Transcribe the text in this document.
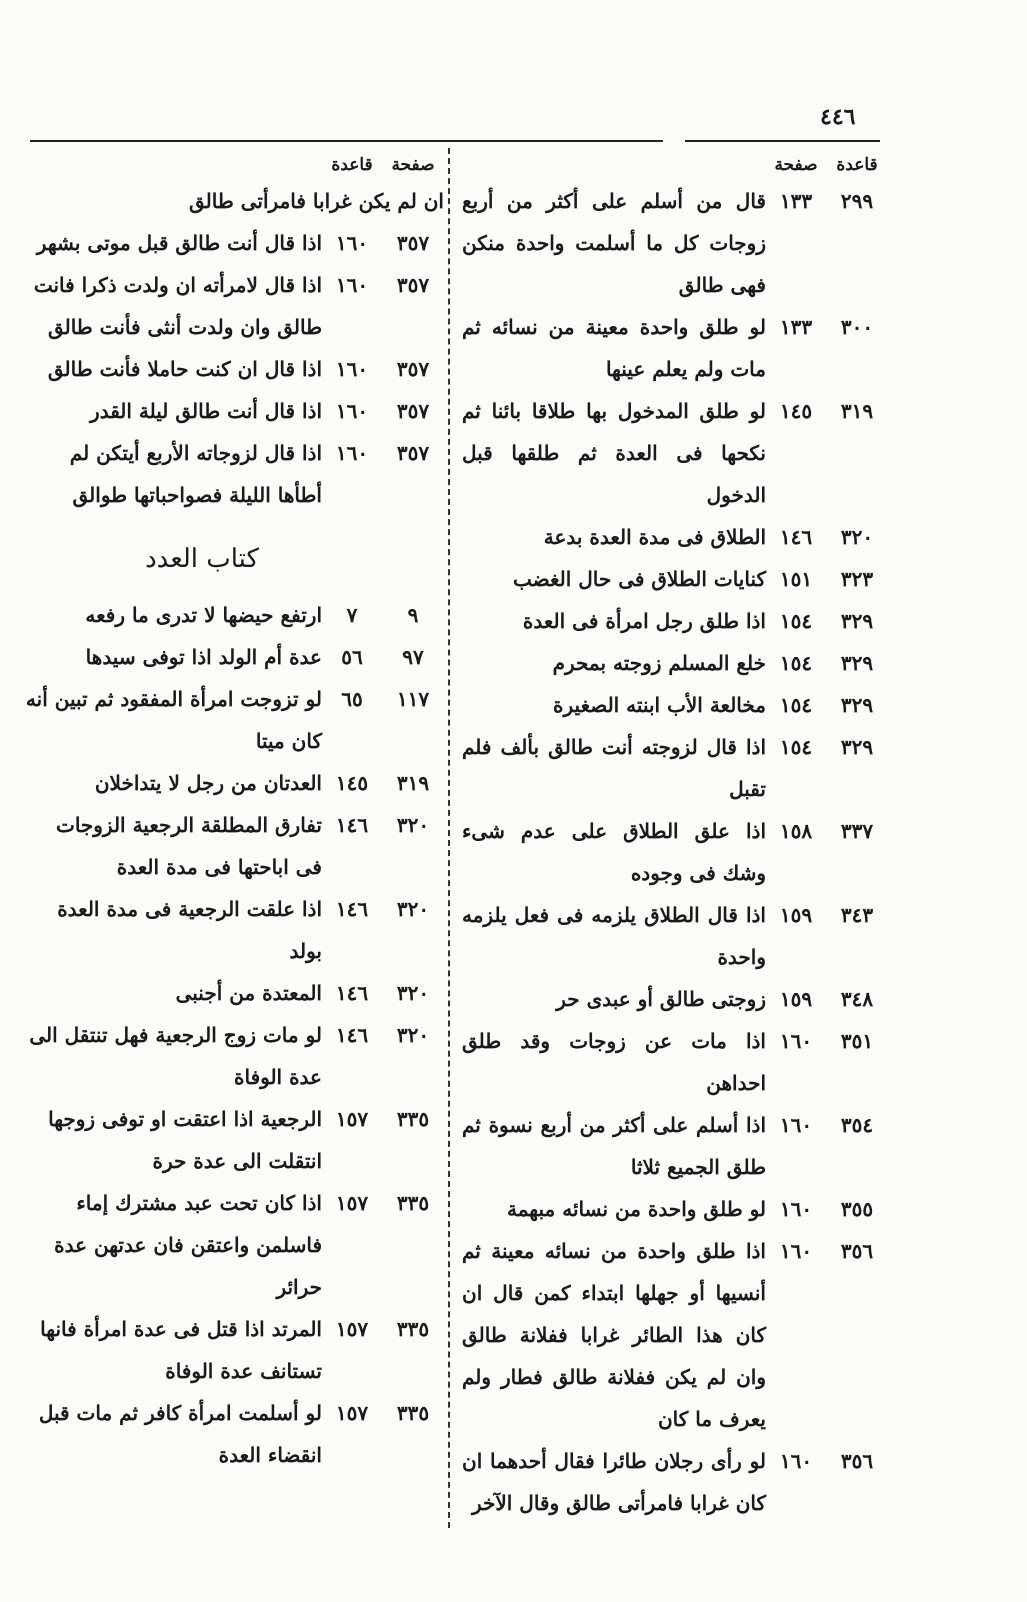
٤٤٦
قاعدة
صفحة
٢٩٩
١٣٣
قال من أسلم على أكثر من أربع زوجات كل ما أسلمت واحدة منكن فهى طالق
٣٠٠
١٣٣
لو طلق واحدة معينة من نسائه ثم مات ولم يعلم عينها
٣١٩
١٤٥
لو طلق المدخول بها طلاقا بائنا ثم نكحها فى العدة ثم طلقها قبل الدخول
٣٢٠
١٤٦
الطلاق فى مدة العدة بدعة
٣٢٣
١٥١
كنايات الطلاق فى حال الغضب
٣٢٩
١٥٤
اذا طلق رجل امرأة فى العدة
٣٢٩
١٥٤
خلع المسلم زوجته بمحرم
٣٢٩
١٥٤
مخالعة الأب ابنته الصغيرة
٣٢٩
١٥٤
اذا قال لزوجته أنت طالق بألف فلم تقبل
٣٣٧
١٥٨
اذا علق الطلاق على عدم شىء وشك فى وجوده
٣٤٣
١٥٩
اذا قال الطلاق يلزمه فى فعل يلزمه واحدة
٣٤٨
١٥٩
زوجتى طالق أو عبدى حر
٣٥١
١٦٠
اذا مات عن زوجات وقد طلق احداهن
٣٥٤
١٦٠
اذا أسلم على أكثر من أربع نسوة ثم طلق الجميع ثلاثا
٣٥٥
١٦٠
لو طلق واحدة من نسائه مبهمة
٣٥٦
١٦٠
اذا طلق واحدة من نسائه معينة ثم أنسيها أو جهلها ابتداء كمن قال ان كان هذا الطائر غرابا ففلانة طالق وان لم يكن ففلانة طالق فطار ولم يعرف ما كان
٣٥٦
١٦٠
لو رأى رجلان طائرا فقال أحدهما ان كان غرابا فامرأتى طالق وقال الآخر
صفحة
قاعدة
ان لم يكن غرابا فامرأتى طالق
٣٥٧
١٦٠
اذا قال أنت طالق قبل موتى بشهر
٣٥٧
١٦٠
اذا قال لامرأته ان ولدت ذكرا فانت طالق وان ولدت أنثى فأنت طالق
٣٥٧
١٦٠
اذا قال ان كنت حاملا فأنت طالق
٣٥٧
١٦٠
اذا قال أنت طالق ليلة القدر
٣٥٧
١٦٠
اذا قال لزوجاته الأربع أيتكن لم أطأها الليلة فصواحباتها طوالق
كتاب العدد
٩
٧
ارتفع حيضها لا تدرى ما رفعه
٩٧
٥٦
عدة أم الولد اذا توفى سيدها
١١٧
٦٥
لو تزوجت امرأة المفقود ثم تبين أنه كان ميتا
٣١٩
١٤٥
العدتان من رجل لا يتداخلان
٣٢٠
١٤٦
تفارق المطلقة الرجعية الزوجات فى اباحتها فى مدة العدة
٣٢٠
١٤٦
اذا علقت الرجعية فى مدة العدة بولد
٣٢٠
١٤٦
المعتدة من أجنبى
٣٢٠
١٤٦
لو مات زوج الرجعية فهل تنتقل الى عدة الوفاة
٣٣٥
١٥٧
الرجعية اذا اعتقت او توفى زوجها انتقلت الى عدة حرة
٣٣٥
١٥٧
اذا كان تحت عبد مشترك إماء فاسلمن واعتقن فان عدتهن عدة حرائر
٣٣٥
١٥٧
المرتد اذا قتل فى عدة امرأة فانها تستانف عدة الوفاة
٣٣٥
١٥٧
لو أسلمت امرأة كافر ثم مات قبل انقضاء العدة
